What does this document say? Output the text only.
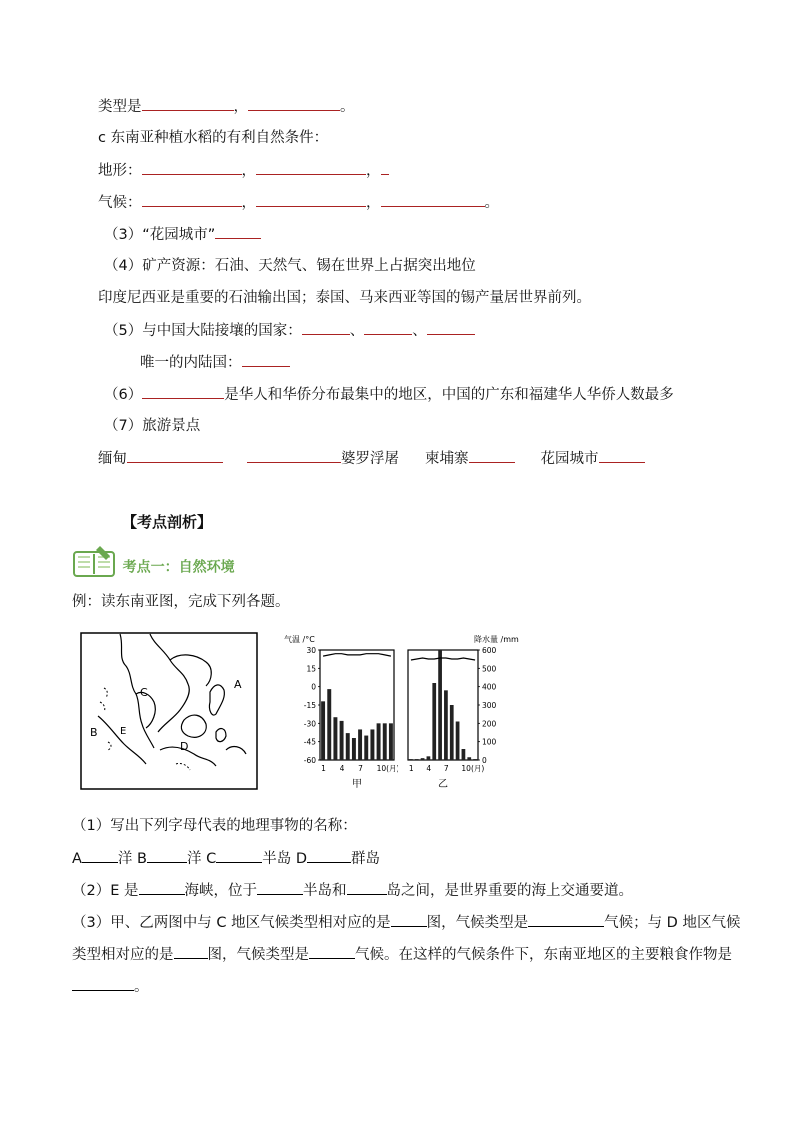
类型是	，	。
c 东南亚种植水稻的有利自然条件：
地形：	，	，
气候：	，	，	。
（3）“花园城市”
（4）矿产资源：石油、天然气、锡在世界上占据突出地位
印度尼西亚是重要的石油输出国；泰国、马来西亚等国的锡产量居世界前列。
（5）与中国大陆接壤的国家：	、	、
唯一的内陆国：
（6）	是华人和华侨分布最集中的地区，中国的广东和福建华人华侨人数最多
（7）旅游景点
缅甸	婆罗浮屠 柬埔寨	花园城市
【考点剖析】
考点一：自然环境
例：读东南亚图，完成下列各题。
A
B
C
D
E
气温 /°C
30
15
0
-15
-30
-45
-60
1 4 7 10(月)
甲
降水量 /mm
600
500
400
300
200
100
0
1 4 7 10(月)
乙
（1）写出下列字母代表的地理事物的名称：
A 洋 B	洋 C	半岛 D	群岛
（2）E 是	海峡，位于	半岛和	岛之间，是世界重要的海上交通要道。
（3）甲、乙两图中与 C 地区气候类型相对应的是 图，气候类型是	气候；与 D 地区气候
类型相对应的是 图，气候类型是	气候。在这样的气候条件下，东南亚地区的主要粮食作物是
。
